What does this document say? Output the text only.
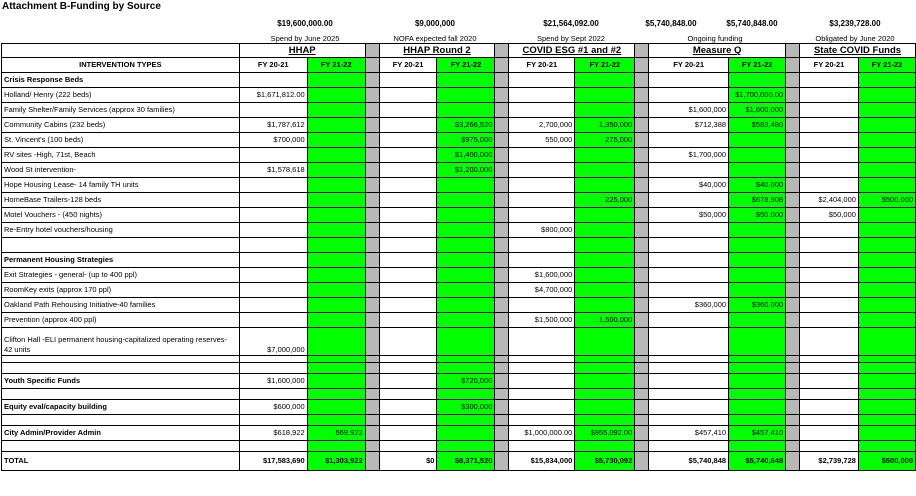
Attachment B-Funding by Source
$19,600,000.00	$9,000,000	$21,564,092.00	$5,740,848.00	$5,740,848.00	$3,239,728.00
Spend by June 2025	NOFA expected fall 2020	Spend by Sept 2022	Ongoing funding	Obligated by June 2020
	HHAP			HHAP Round 2			COVID ESG #1 and #2			Measure Q			State COVID Funds	
INTERVENTION TYPES	FY 20-21	FY 21-22		FY 20-21	FY 21-22		FY 20-21	FY 21-22		FY 20-21	FY 21-22		FY 20-21	FY 21-22
Crisis Response Beds														
Holland/ Henry (222 beds)	$1,671,812.00										$1,700,000.00			
Family Shelter/Family Services (approx 30 families)										$1,600,000	$1,600,000			
Community Cabins (232 beds)	$1,787,612				$3,266,520		2,700,000	1,350,000		$712,388	$583,480			
St. Vincent's (100 beds)	$700,000				$975,000		550,000	275,000						
RV sites -High, 71st, Beach					$1,400,000					$1,700,000				
Wood St intervention-	$1,578,618				$1,200,000									
Hope Housing Lease- 14 family TH units										$40,000	$40,000			
HomeBase Trailers-128 beds								225,000			$678,908		$2,404,000	$500,000
Motel Vouchers - (450 nights)										$50,000	$50,000		$50,000	
Re-Entry hotel vouchers/housing							$800,000							

Permanent Housing Strategies														
Exit Strategies - general- (up to 400 ppl)							$1,600,000							
RoomKey exits (approx 170 ppl)							$4,700,000							
Oakland Path Rehousing Initiative-40 families										$360,000	$360,000			
Prevention (approx 400 ppl)							$1,500,000	1,500,000						
Clifton Hall -ELI permanent housing-capitalized operating reserves- 42 units	$7,000,000													

Youth Specific Funds	$1,600,000				$720,000									

Equity eval/capacity building	$600,000				$300,000									

City Admin/Provider Admin	$618,922	569,922					$1,000,000.00	$955,092.00		$457,410	$457,410			

TOTAL	$17,583,690	$1,303,922		$0	$8,371,520		$15,834,000	$5,730,092		$5,740,848	$5,740,848		$2,739,728	$500,000
